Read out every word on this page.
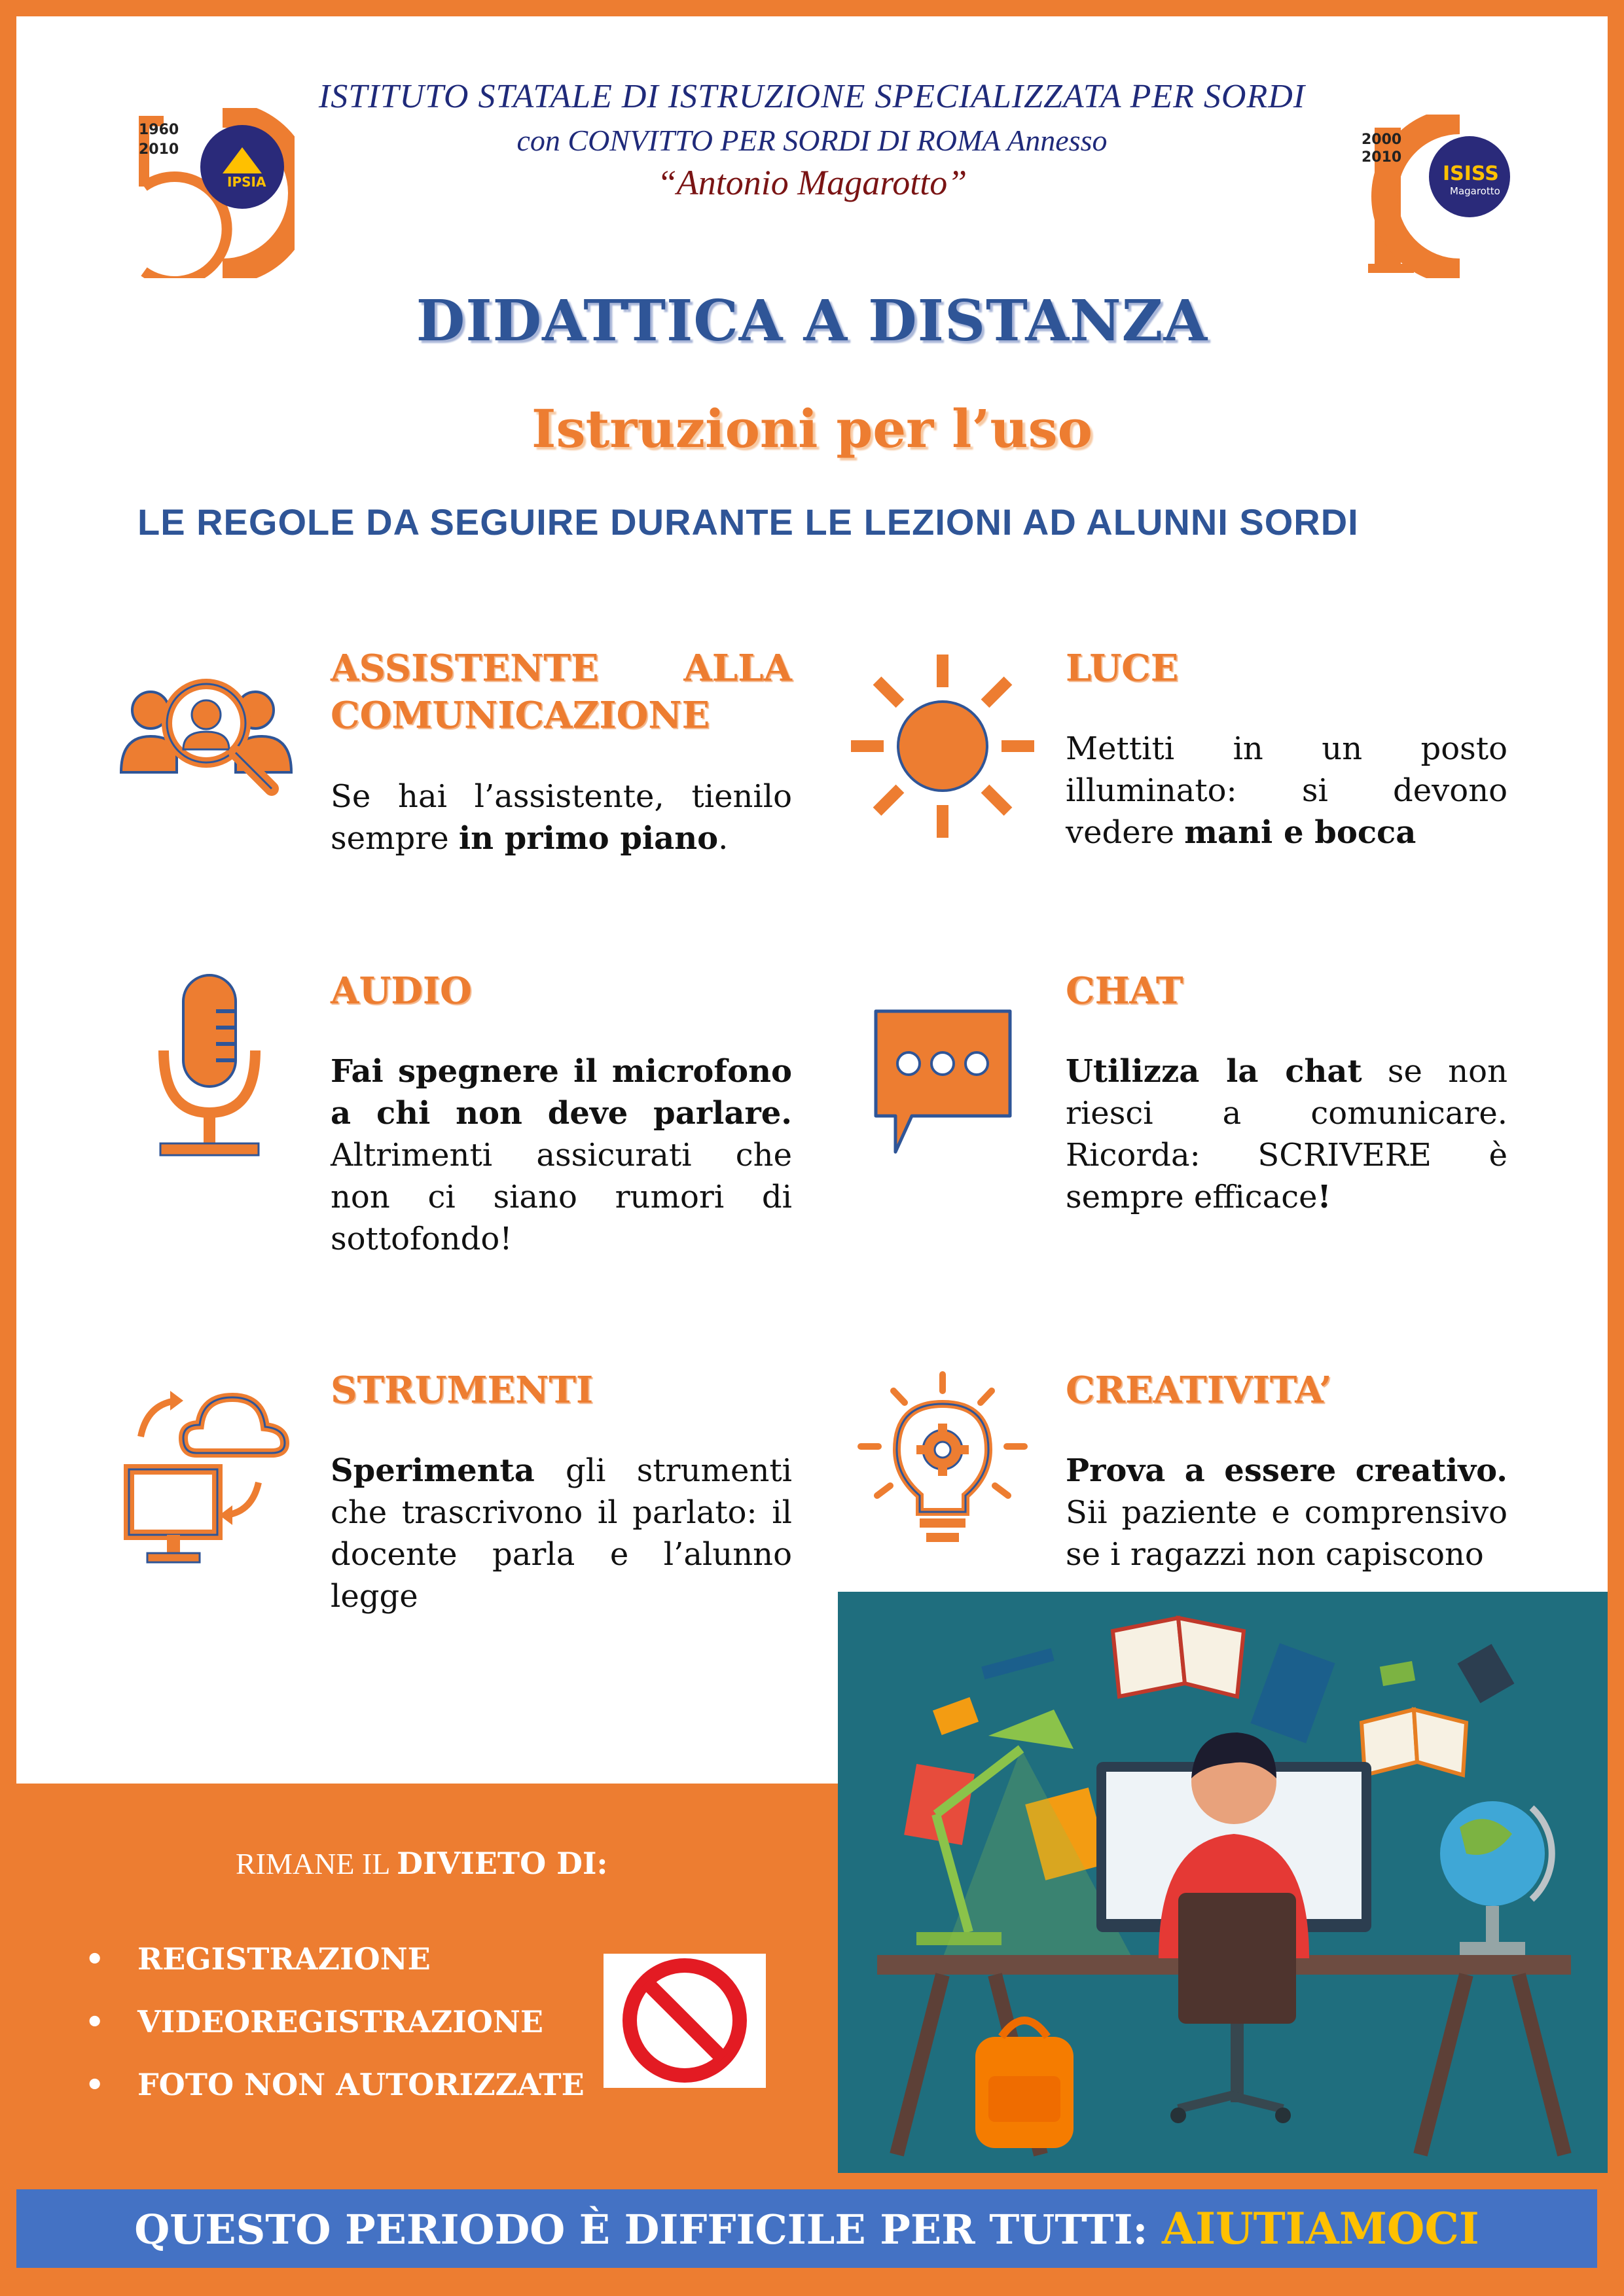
ISTITUTO STATALE DI ISTRUZIONE SPECIALIZZATA PER SORDI
con CONVITTO PER SORDI DI ROMA Annesso
“Antonio Magarotto”
1960
2010
IPSIA
2000
2010
ISISS
Magarotto
DIDATTICA A DISTANZA
Istruzioni per l’uso
LE REGOLE DA SEGUIRE DURANTE LE LEZIONI AD ALUNNI SORDI
ASSISTENTE ALLA
COMUNICAZIONE
Se hai l’assistente, tienilo sempre in primo piano.
LUCE
Mettiti in un posto illuminato: si devono vedere mani e bocca
AUDIO
Fai spegnere il microfono a chi non deve parlare. Altrimenti assicurati che non ci siano rumori di sottofondo!
CHAT
Utilizza la chat se non riesci a comunicare. Ricorda: SCRIVERE è sempre efficace!
STRUMENTI
Sperimenta gli strumenti che trascrivono il parlato: il docente parla e l’alunno legge
CREATIVITA’
Prova a essere creativo. Sii paziente e comprensivo se i ragazzi non capiscono
RIMANE IL DIVIETO DI:
• REGISTRAZIONE
• VIDEOREGISTRAZIONE
• FOTO NON AUTORIZZATE
QUESTO PERIODO È DIFFICILE PER TUTTI: AIUTIAMOCI
